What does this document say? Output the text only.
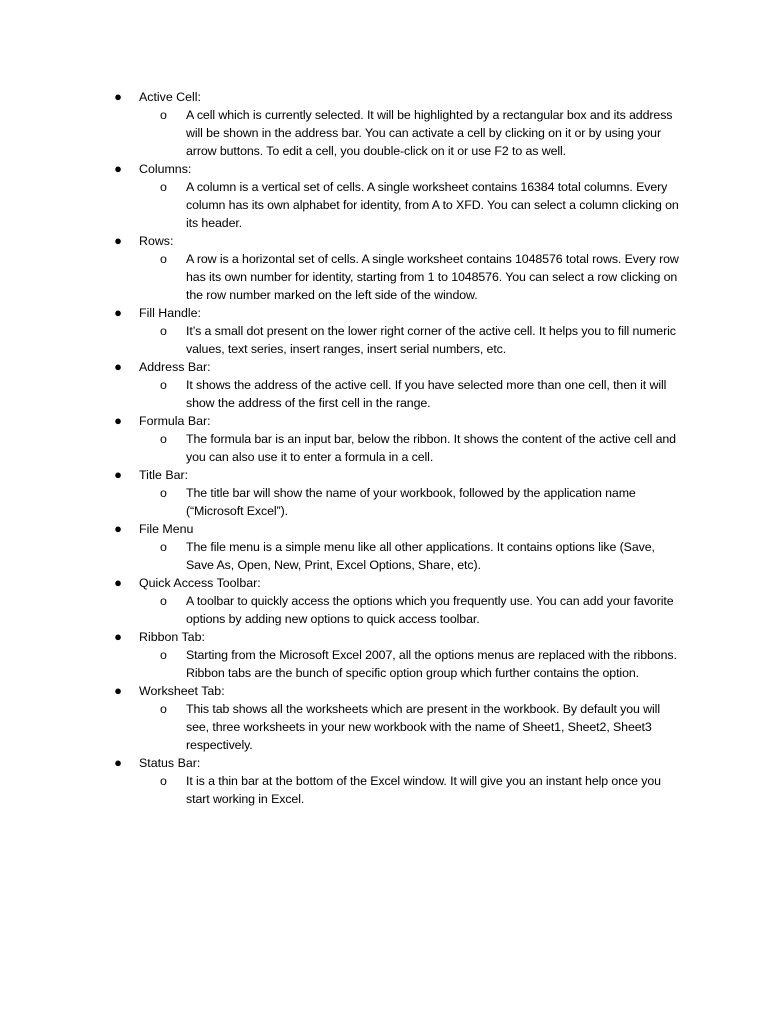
● Active Cell:
o	A cell which is currently selected. It will be highlighted by a rectangular box and its address will be shown in the address bar. You can activate a cell by clicking on it or by using your arrow buttons. To edit a cell, you double-click on it or use F2 to as well.
● Columns:
o	A column is a vertical set of cells. A single worksheet contains 16384 total columns. Every column has its own alphabet for identity, from A to XFD. You can select a column clicking on its header.
● Rows:
o	A row is a horizontal set of cells. A single worksheet contains 1048576 total rows. Every row has its own number for identity, starting from 1 to 1048576. You can select a row clicking on the row number marked on the left side of the window.
● Fill Handle:
o	It’s a small dot present on the lower right corner of the active cell. It helps you to fill numeric values, text series, insert ranges, insert serial numbers, etc.
● Address Bar:
o	It shows the address of the active cell. If you have selected more than one cell, then it will show the address of the first cell in the range.
● Formula Bar:
o	The formula bar is an input bar, below the ribbon. It shows the content of the active cell and you can also use it to enter a formula in a cell.
● Title Bar:
o	The title bar will show the name of your workbook, followed by the application name (“Microsoft Excel”).
● File Menu
o	The file menu is a simple menu like all other applications. It contains options like (Save, Save As, Open, New, Print, Excel Options, Share, etc).
● Quick Access Toolbar:
o	A toolbar to quickly access the options which you frequently use. You can add your favorite options by adding new options to quick access toolbar.
● Ribbon Tab:
o	Starting from the Microsoft Excel 2007, all the options menus are replaced with the ribbons. Ribbon tabs are the bunch of specific option group which further contains the option.
● Worksheet Tab:
o	This tab shows all the worksheets which are present in the workbook. By default you will see, three worksheets in your new workbook with the name of Sheet1, Sheet2, Sheet3 respectively.
● Status Bar:
o	It is a thin bar at the bottom of the Excel window. It will give you an instant help once you start working in Excel.
